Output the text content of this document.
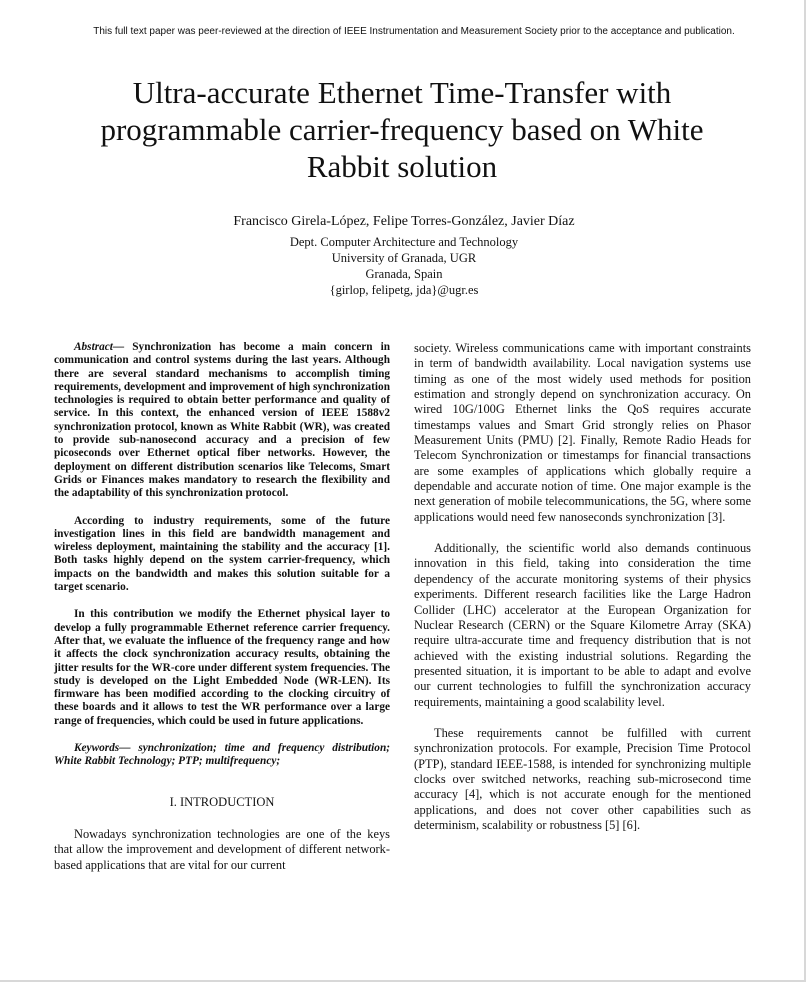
This full text paper was peer-reviewed at the direction of IEEE Instrumentation and Measurement Society prior to the acceptance and publication.
Ultra-accurate Ethernet Time-Transfer with programmable carrier-frequency based on White Rabbit solution
Francisco Girela-López, Felipe Torres-González, Javier Díaz
Dept. Computer Architecture and Technology
University of Granada, UGR
Granada, Spain
{girlop, felipetg, jda}@ugr.es

Abstract— Synchronization has become a main concern in communication and control systems during the last years. Although there are several standard mechanisms to accomplish timing requirements, development and improvement of high synchronization technologies is required to obtain better performance and quality of service. In this context, the enhanced version of IEEE 1588v2 synchronization protocol, known as White Rabbit (WR), was created to provide sub-nanosecond accuracy and a precision of few picoseconds over Ethernet optical fiber networks. However, the deployment on different distribution scenarios like Telecoms, Smart Grids or Finances makes mandatory to research the flexibility and the adaptability of this synchronization protocol.

According to industry requirements, some of the future investigation lines in this field are bandwidth management and wireless deployment, maintaining the stability and the accuracy [1]. Both tasks highly depend on the system carrier-frequency, which impacts on the bandwidth and makes this solution suitable for a target scenario.

In this contribution we modify the Ethernet physical layer to develop a fully programmable Ethernet reference carrier frequency. After that, we evaluate the influence of the frequency range and how it affects the clock synchronization accuracy results, obtaining the jitter results for the WR-core under different system frequencies. The study is developed on the Light Embedded Node (WR-LEN). Its firmware has been modified according to the clocking circuitry of these boards and it allows to test the WR performance over a large range of frequencies, which could be used in future applications.

Keywords— synchronization; time and frequency distribution; White Rabbit Technology; PTP; multifrequency;

I. INTRODUCTION

Nowadays synchronization technologies are one of the keys that allow the improvement and development of different network-based applications that are vital for our current

society. Wireless communications came with important constraints in term of bandwidth availability. Local navigation systems use timing as one of the most widely used methods for position estimation and strongly depend on synchronization accuracy. On wired 10G/100G Ethernet links the QoS requires accurate timestamps values and Smart Grid strongly relies on Phasor Measurement Units (PMU) [2]. Finally, Remote Radio Heads for Telecom Synchronization or timestamps for financial transactions are some examples of applications which globally require a dependable and accurate notion of time. One major example is the next generation of mobile telecommunications, the 5G, where some applications would need few nanoseconds synchronization [3].

Additionally, the scientific world also demands continuous innovation in this field, taking into consideration the time dependency of the accurate monitoring systems of their physics experiments. Different research facilities like the Large Hadron Collider (LHC) accelerator at the European Organization for Nuclear Research (CERN) or the Square Kilometre Array (SKA) require ultra-accurate time and frequency distribution that is not achieved with the existing industrial solutions. Regarding the presented situation, it is important to be able to adapt and evolve our current technologies to fulfill the synchronization accuracy requirements, maintaining a good scalability level.

These requirements cannot be fulfilled with current synchronization protocols. For example, Precision Time Protocol (PTP), standard IEEE-1588, is intended for synchronizing multiple clocks over switched networks, reaching sub-microsecond time accuracy [4], which is not accurate enough for the mentioned applications, and does not cover other capabilities such as determinism, scalability or robustness [5] [6].
